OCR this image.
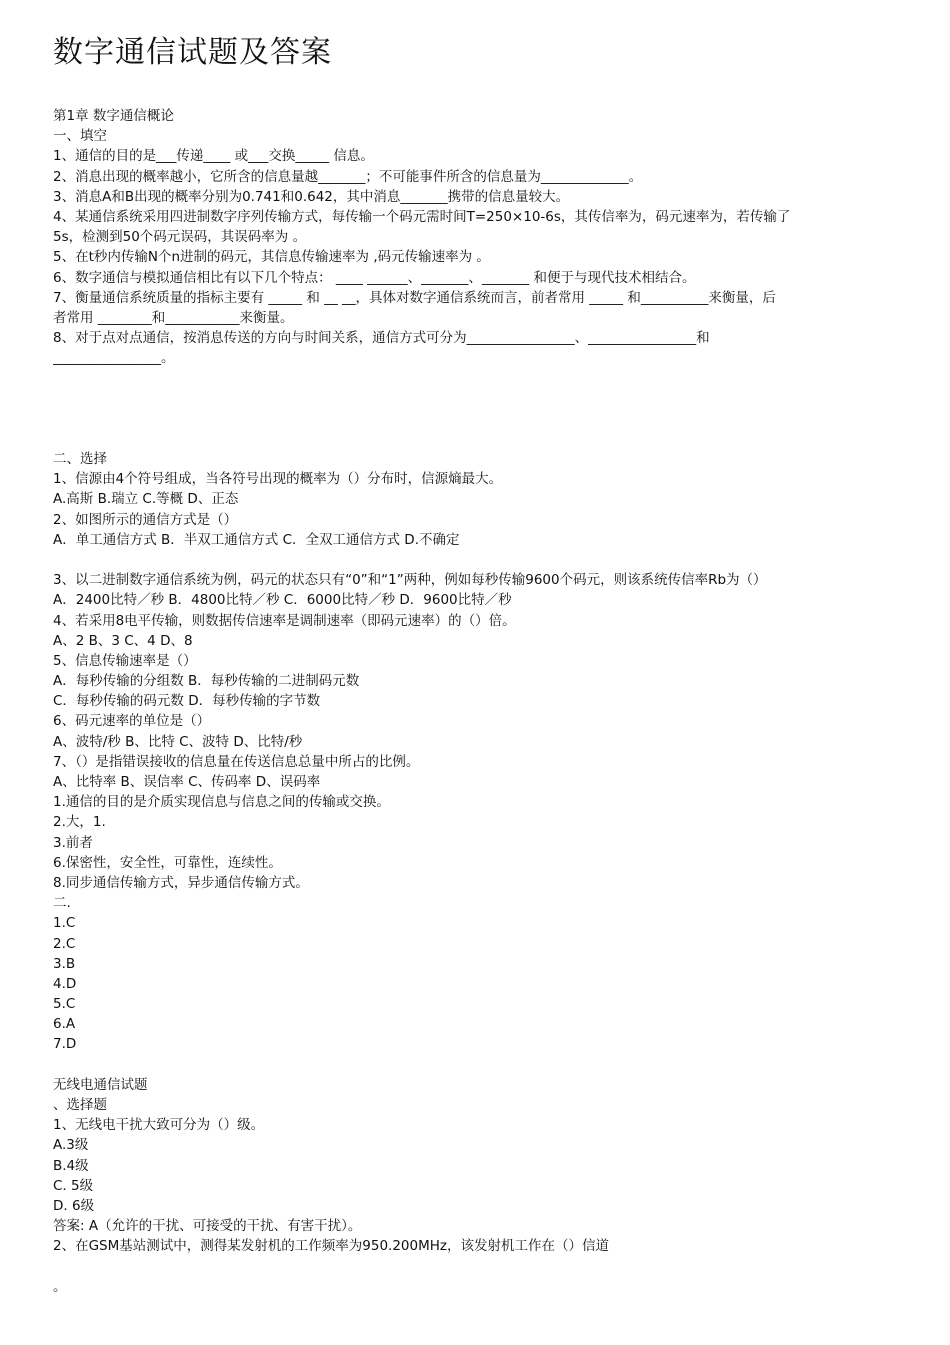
数字通信试题及答案
第1章 数字通信概论
一、填空
1、通信的目的是___传递____ 或___交换_____ 信息。
2、消息出现的概率越小，它所含的信息量越_______；不可能事件所含的信息量为_____________。
3、消息A和B出现的概率分别为0.741和0.642，其中消息_______携带的信息量较大。
4、某通信系统采用四进制数字序列传输方式，每传输一个码元需时间T=250×10-6s，其传信率为，码元速率为，若传输了
5s，检测到50个码元误码，其误码率为 。
5、在t秒内传输N个n进制的码元，其信息传输速率为 ,码元传输速率为 。
6、数字通信与模拟通信相比有以下几个特点： ____ ______、_______、_______ 和便于与现代技术相结合。
7、衡量通信系统质量的指标主要有 _____ 和 __ __，具体对数字通信系统而言，前者常用 _____ 和__________来衡量，后
者常用 ________和___________来衡量。
8、对于点对点通信，按消息传送的方向与时间关系，通信方式可分为________________、________________和
________________。
二、选择
1、信源由4个符号组成，当各符号出现的概率为（）分布时，信源熵最大。
A.高斯 B.瑞立 C.等概 D、正态
2、如图所示的通信方式是（）
A．单工通信方式 B．半双工通信方式 C．全双工通信方式 D.不确定
3、以二进制数字通信系统为例，码元的状态只有“0”和“1”两种，例如每秒传输9600个码元，则该系统传信率Rb为（）
A．2400比特／秒 B．4800比特／秒 C．6000比特／秒 D．9600比特／秒
4、若采用8电平传输，则数据传信速率是调制速率（即码元速率）的（）倍。
A、2 B、3 C、4 D、8
5、信息传输速率是（）
A．每秒传输的分组数 B．每秒传输的二进制码元数
C．每秒传输的码元数 D．每秒传输的字节数
6、码元速率的单位是（）
A、波特/秒 B、比特 C、波特 D、比特/秒
7、（）是指错误接收的信息量在传送信息总量中所占的比例。
A、比特率 B、误信率 C、传码率 D、误码率
1.通信的目的是介质实现信息与信息之间的传输或交换。
2.大，1.
3.前者
6.保密性，安全性，可靠性，连续性。
8.同步通信传输方式，异步通信传输方式。
二.
1.C
2.C
3.B
4.D
5.C
6.A
7.D
无线电通信试题
、选择题
1、无线电干扰大致可分为（）级。
A.3级
B.4级
C. 5级
D. 6级
答案: A（允许的干扰、可接受的干扰、有害干扰）。
2、在GSM基站测试中，测得某发射机的工作频率为950.200MHz，该发射机工作在（）信道
。
